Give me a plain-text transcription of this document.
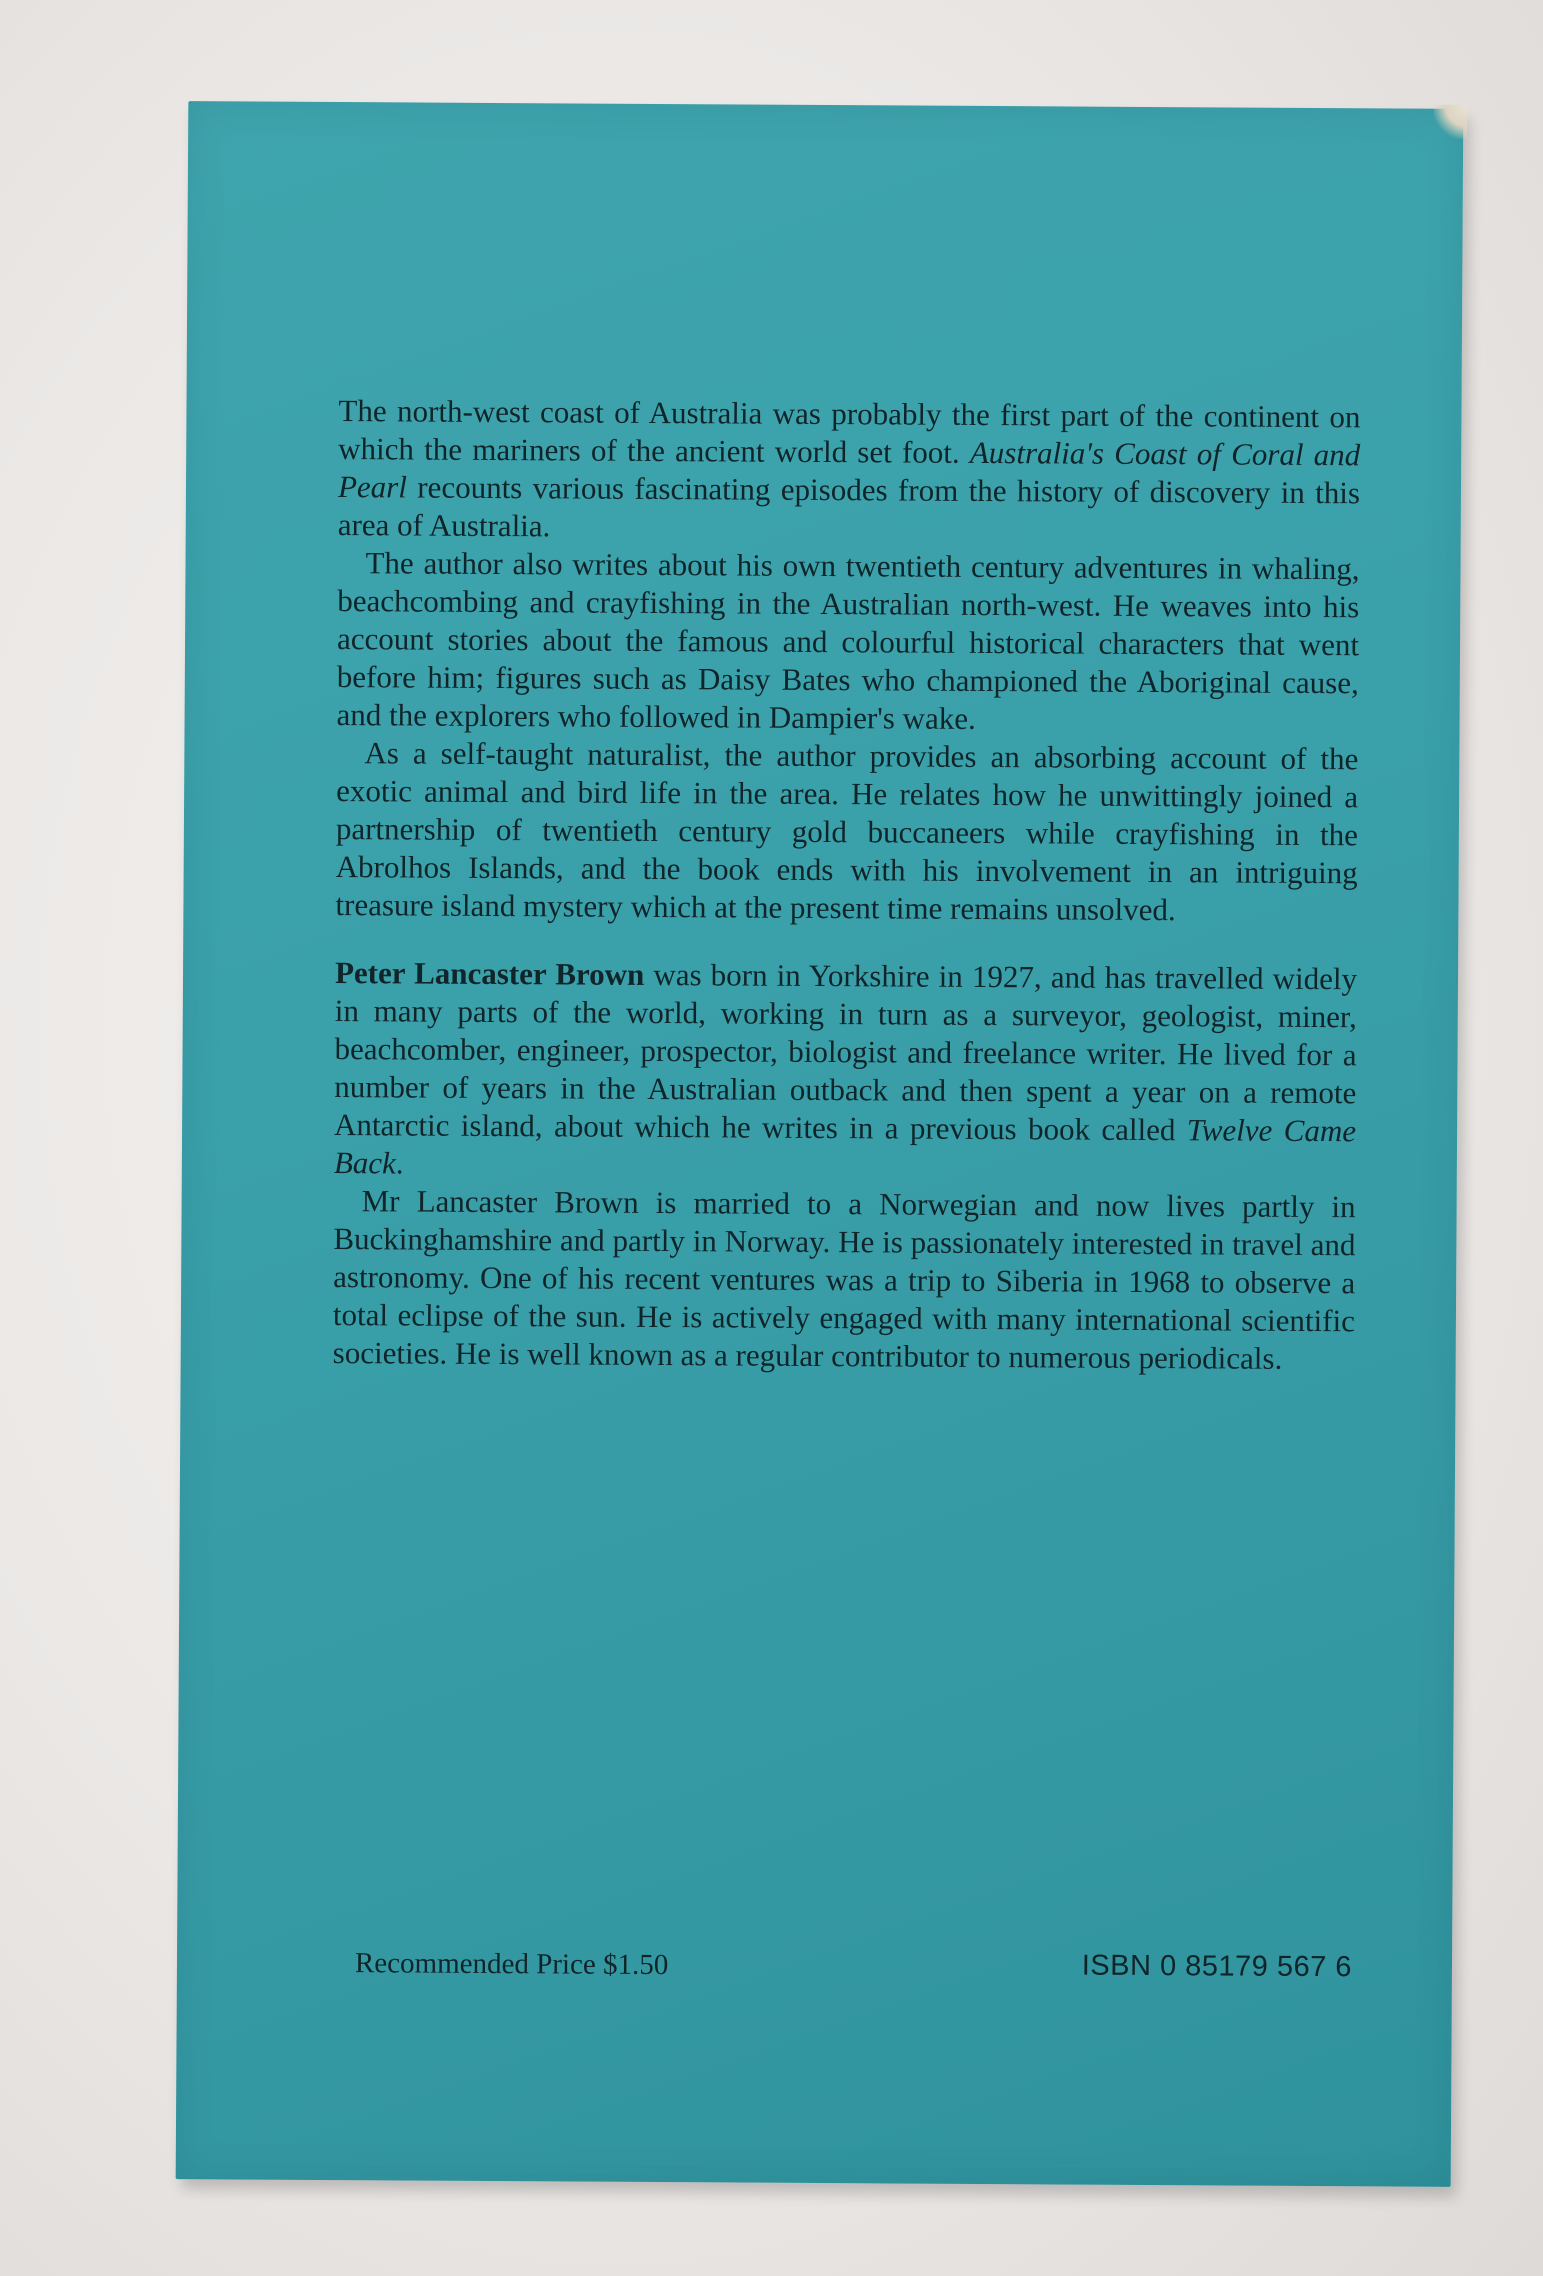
The north-west coast of Australia was probably the first part of the continent on which the mariners of the ancient world set foot. Australia's Coast of Coral and Pearl recounts various fascinating episodes from the history of discovery in this area of Australia.

The author also writes about his own twentieth century adventures in whaling, beachcombing and crayfishing in the Australian north-west. He weaves into his account stories about the famous and colourful historical characters that went before him; figures such as Daisy Bates who championed the Aboriginal cause, and the explorers who followed in Dampier's wake.

As a self-taught naturalist, the author provides an absorbing account of the exotic animal and bird life in the area. He relates how he unwittingly joined a partnership of twentieth century gold buccaneers while crayfishing in the Abrolhos Islands, and the book ends with his involvement in an intriguing treasure island mystery which at the present time remains unsolved.

Peter Lancaster Brown was born in Yorkshire in 1927, and has travelled widely in many parts of the world, working in turn as a surveyor, geologist, miner, beachcomber, engineer, prospector, biologist and freelance writer. He lived for a number of years in the Australian outback and then spent a year on a remote Antarctic island, about which he writes in a previous book called Twelve Came Back.

Mr Lancaster Brown is married to a Norwegian and now lives partly in Buckinghamshire and partly in Norway. He is passionately interested in travel and astronomy. One of his recent ventures was a trip to Siberia in 1968 to observe a total eclipse of the sun. He is actively engaged with many international scientific societies. He is well known as a regular contributor to numerous periodicals.

Recommended Price $1.50	ISBN 0 85179 567 6
